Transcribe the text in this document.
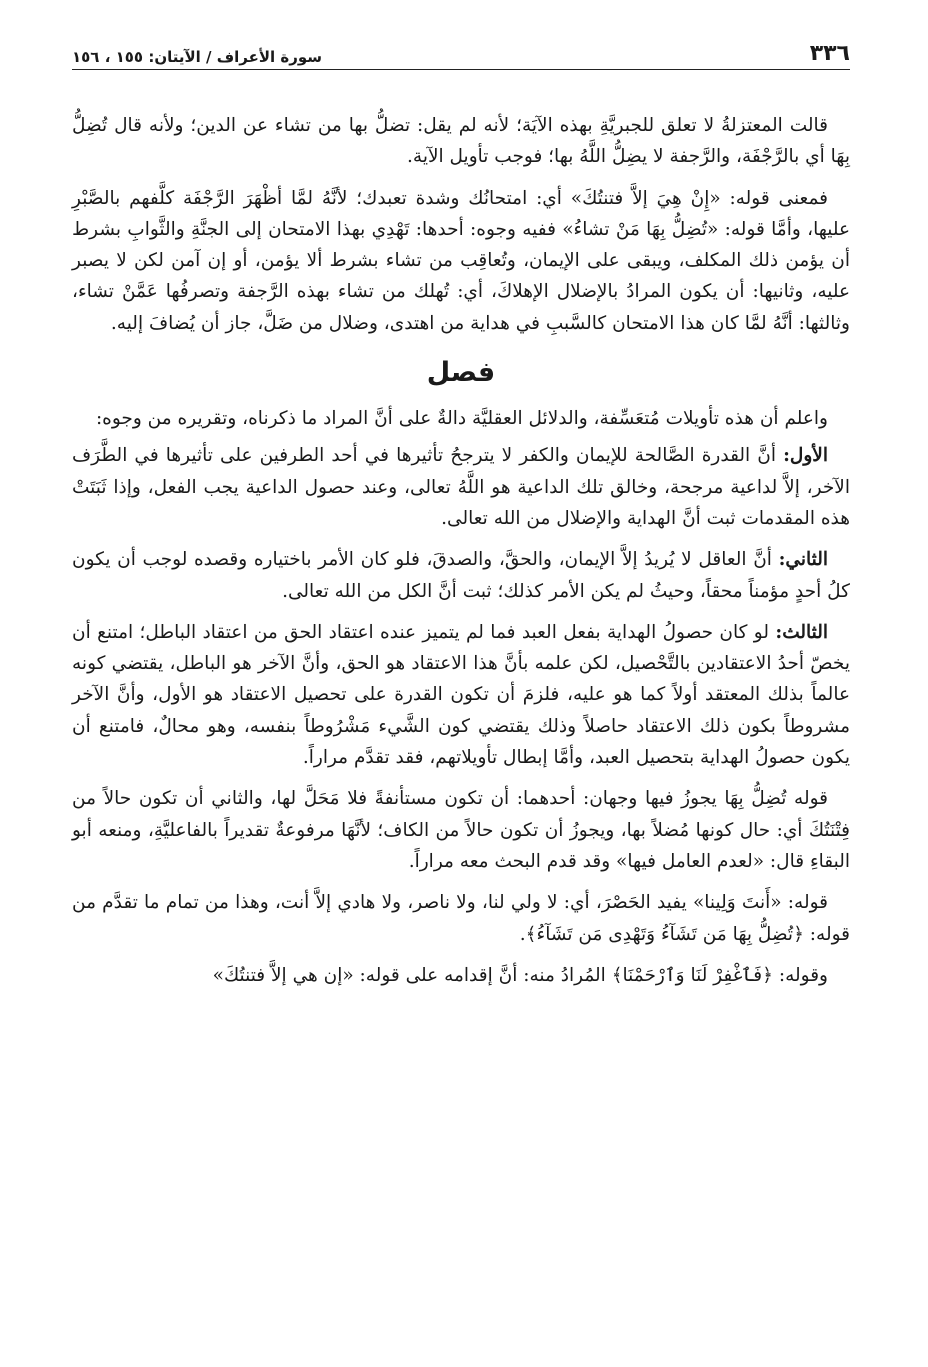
٣٣٦
سورة الأعراف / الآيتان: ١٥٥ ، ١٥٦

قالت المعتزلةُ لا تعلق للجبريَّةِ بهذه الآيَة؛ لأنه لم يقل: تضلُّ بها من تشاء عن الدين؛ ولأنه قال تُضِلُّ بِهَا أي بالرَّجْفَة، والرَّجفة لا يضِلُّ اللَّهُ بها؛ فوجب تأويل الآية.

فمعنى قوله: «إِنْ هِيَ إلاَّ فتنتُكَ» أي: امتحانُك وشدة تعبدك؛ لأنَّهُ لمَّا أظْهَرَ الرَّجْفَة كلَّفهم بالصَّبْرِ عليها، وأمَّا قوله: «تُضِلُّ بِهَا مَنْ تشاءُ» ففيه وجوه: أحدها: تَهْدِي بهذا الامتحان إلى الجنَّةِ والثَّوابِ بشرط أن يؤمن ذلك المكلف، ويبقى على الإيمان، وتُعاقِب من تشاء بشرط ألا يؤمن، أو إن آمن لكن لا يصبر عليه، وثانيها: أن يكون المرادُ بالإضلال الإهلاكَ، أي: تُهلك من تشاء بهذه الرَّجفة وتصرفُها عَمَّنْ تشاء، وثالثها: أنَّهُ لمَّا كان هذا الامتحان كالسَّببِ في هداية من اهتدى، وضلال من ضَلَّ، جاز أن يُضافَ إليه.

فصل

واعلم أن هذه تأويلات مُتعَسِّفة، والدلائل العقليَّة دالةٌ على أنَّ المراد ما ذكرناه، وتقريره من وجوه:

الأول: أنَّ القدرة الصَّالحة للإيمان والكفر لا يترجحُ تأثيرها في أحد الطرفين على تأثيرها في الطَّرَف الآخر، إلاَّ لداعية مرجحة، وخالق تلك الداعية هو اللَّهُ تعالى، وعند حصول الداعية يجب الفعل، وإذا ثَبَتَتْ هذه المقدمات ثبت أنَّ الهداية والإضلال من الله تعالى.

الثاني: أنَّ العاقل لا يُريدُ إلاَّ الإيمان، والحقَّ، والصدقَ، فلو كان الأمر باختياره وقصده لوجب أن يكون كلُ أحدٍ مؤمناً محقاً، وحيثُ لم يكن الأمر كذلك؛ ثبت أنَّ الكل من الله تعالى.

الثالث: لو كان حصولُ الهداية بفعل العبد فما لم يتميز عنده اعتقاد الحق من اعتقاد الباطل؛ امتنع أن يخصّ أحدُ الاعتقادين بالتَّحْصيل، لكن علمه بأنَّ هذا الاعتقاد هو الحق، وأنَّ الآخر هو الباطل، يقتضي كونه عالماً بذلك المعتقد أولاً كما هو عليه، فلزمَ أن تكون القدرة على تحصيل الاعتقاد هو الأول، وأنَّ الآخر مشروطاً بكون ذلك الاعتقاد حاصلاً وذلك يقتضي كون الشَّيء مَشْرُوطاً بنفسه، وهو محالٌ، فامتنع أن يكون حصولُ الهداية بتحصيل العبد، وأمَّا إبطال تأويلاتهم، فقد تقدَّم مراراً.

قوله تُضِلُّ بِهَا يجوزُ فيها وجهان: أحدهما: أن تكون مستأنفةً فلا مَحَلَّ لها، والثاني أن تكون حالاً من فِتْنَتُكَ أي: حال كونها مُضلاً بها، ويجوزُ أن تكون حالاً من الكاف؛ لأنَّهَا مرفوعةٌ تقديراً بالفاعليَّةِ، ومنعه أبو البقاءِ قال: «لعدم العامل فيها» وقد قدم البحث معه مراراً.

قوله: «أَنتَ وَلِينا» يفيد الحَصْرَ، أي: لا ولي لنا، ولا ناصر، ولا هادي إلاَّ أنت، وهذا من تمام ما تقدَّم من قوله: ﴿تُضِلُّ بِهَا مَن تَشَآءُ وَتَهْدِى مَن تَشَآءُ﴾.

وقوله: ﴿فَٱغْفِرْ لَنَا وَٱرْحَمْنَا﴾ المُرادُ منه: أنَّ إقدامه على قوله: «إن هي إلاَّ فتنتُكَ»
